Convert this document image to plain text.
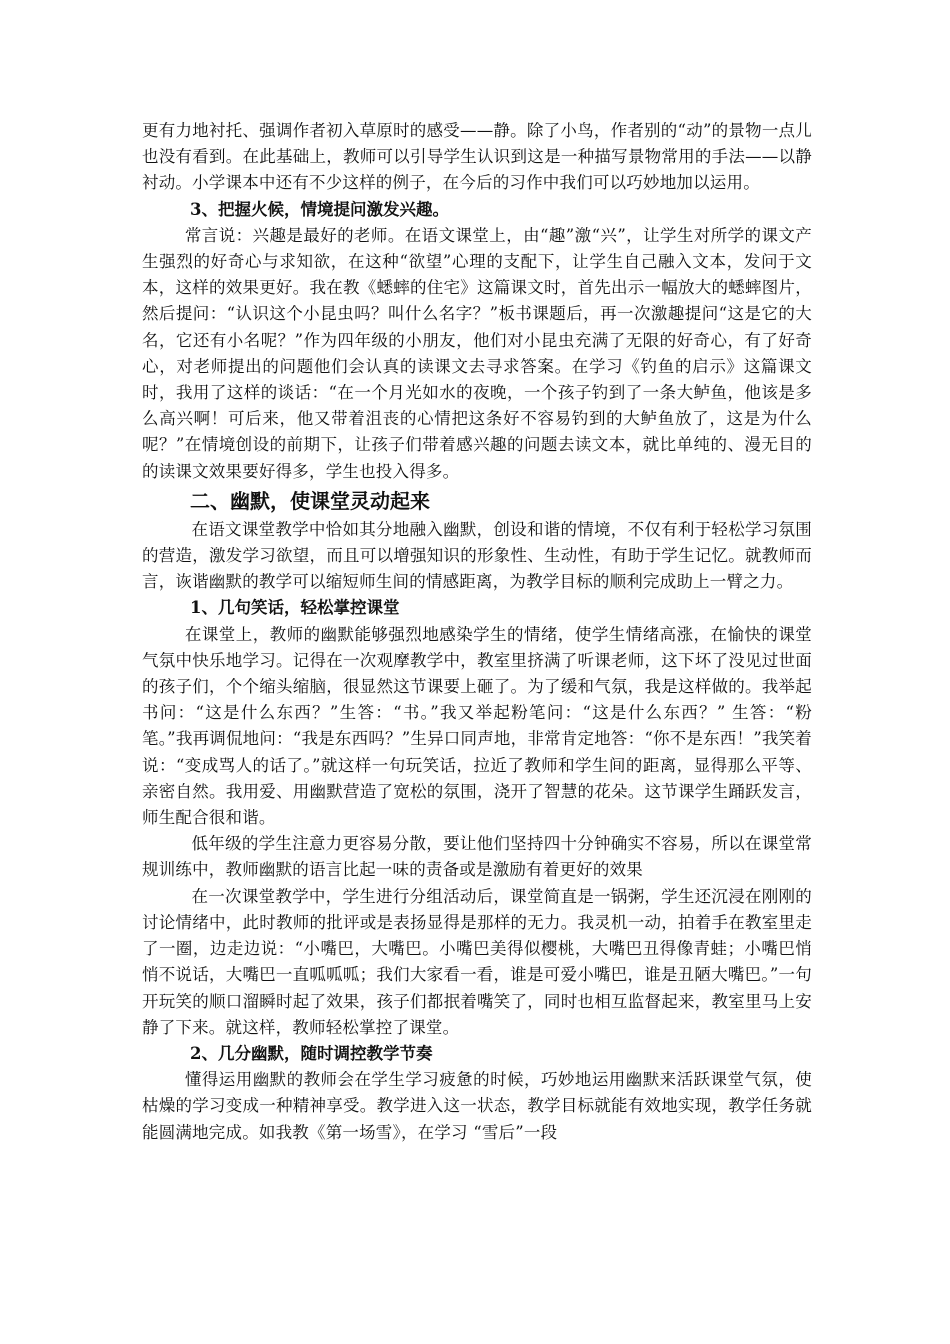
更有力地衬托、强调作者初入草原时的感受——静。除了小鸟，作者别的“动”的景物一点儿也没有看到。在此基础上，教师可以引导学生认识到这是一种描写景物常用的手法——以静衬动。小学课本中还有不少这样的例子，在今后的习作中我们可以巧妙地加以运用。

3、把握火候，情境提问激发兴趣。

常言说：兴趣是最好的老师。在语文课堂上，由“趣”激“兴”，让学生对所学的课文产生强烈的好奇心与求知欲，在这种“欲望”心理的支配下，让学生自己融入文本，发问于文本，这样的效果更好。我在教《蟋蟀的住宅》这篇课文时，首先出示一幅放大的蟋蟀图片，然后提问：“认识这个小昆虫吗？叫什么名字？”板书课题后，再一次激趣提问“这是它的大名，它还有小名呢？”作为四年级的小朋友，他们对小昆虫充满了无限的好奇心，有了好奇心，对老师提出的问题他们会认真的读课文去寻求答案。在学习《钓鱼的启示》这篇课文时，我用了这样的谈话：“在一个月光如水的夜晚，一个孩子钓到了一条大鲈鱼，他该是多么高兴啊！可后来，他又带着沮丧的心情把这条好不容易钓到的大鲈鱼放了，这是为什么呢？”在情境创设的前期下，让孩子们带着感兴趣的问题去读文本，就比单纯的、漫无目的的读课文效果要好得多，学生也投入得多。

二、幽默，使课堂灵动起来

在语文课堂教学中恰如其分地融入幽默，创设和谐的情境，不仅有利于轻松学习氛围的营造，激发学习欲望，而且可以增强知识的形象性、生动性，有助于学生记忆。就教师而言，诙谐幽默的教学可以缩短师生间的情感距离，为教学目标的顺利完成助上一臂之力。

1、几句笑话，轻松掌控课堂

在课堂上，教师的幽默能够强烈地感染学生的情绪，使学生情绪高涨，在愉快的课堂气氛中快乐地学习。记得在一次观摩教学中，教室里挤满了听课老师，这下坏了没见过世面的孩子们，个个缩头缩脑，很显然这节课要上砸了。为了缓和气氛，我是这样做的。我举起书问：“这是什么东西？”生答：“书。”我又举起粉笔问：“这是什么东西？” 生答：“粉笔。”我再调侃地问：“我是东西吗？”生异口同声地，非常肯定地答：“你不是东西！”我笑着说：“变成骂人的话了。”就这样一句玩笑话，拉近了教师和学生间的距离，显得那么平等、亲密自然。我用爱、用幽默营造了宽松的氛围，浇开了智慧的花朵。这节课学生踊跃发言，师生配合很和谐。

低年级的学生注意力更容易分散，要让他们坚持四十分钟确实不容易，所以在课堂常规训练中，教师幽默的语言比起一味的责备或是激励有着更好的效果

在一次课堂教学中，学生进行分组活动后，课堂简直是一锅粥，学生还沉浸在刚刚的讨论情绪中，此时教师的批评或是表扬显得是那样的无力。我灵机一动，拍着手在教室里走了一圈，边走边说：“小嘴巴，大嘴巴。小嘴巴美得似樱桃，大嘴巴丑得像青蛙；小嘴巴悄悄不说话，大嘴巴一直呱呱呱；我们大家看一看，谁是可爱小嘴巴，谁是丑陋大嘴巴。”一句开玩笑的顺口溜瞬时起了效果，孩子们都抿着嘴笑了，同时也相互监督起来，教室里马上安静了下来。就这样，教师轻松掌控了课堂。

2、几分幽默，随时调控教学节奏

懂得运用幽默的教师会在学生学习疲惫的时候，巧妙地运用幽默来活跃课堂气氛，使枯燥的学习变成一种精神享受。教学进入这一状态，教学目标就能有效地实现，教学任务就能圆满地完成。如我教《第一场雪》，在学习 “雪后”一段
